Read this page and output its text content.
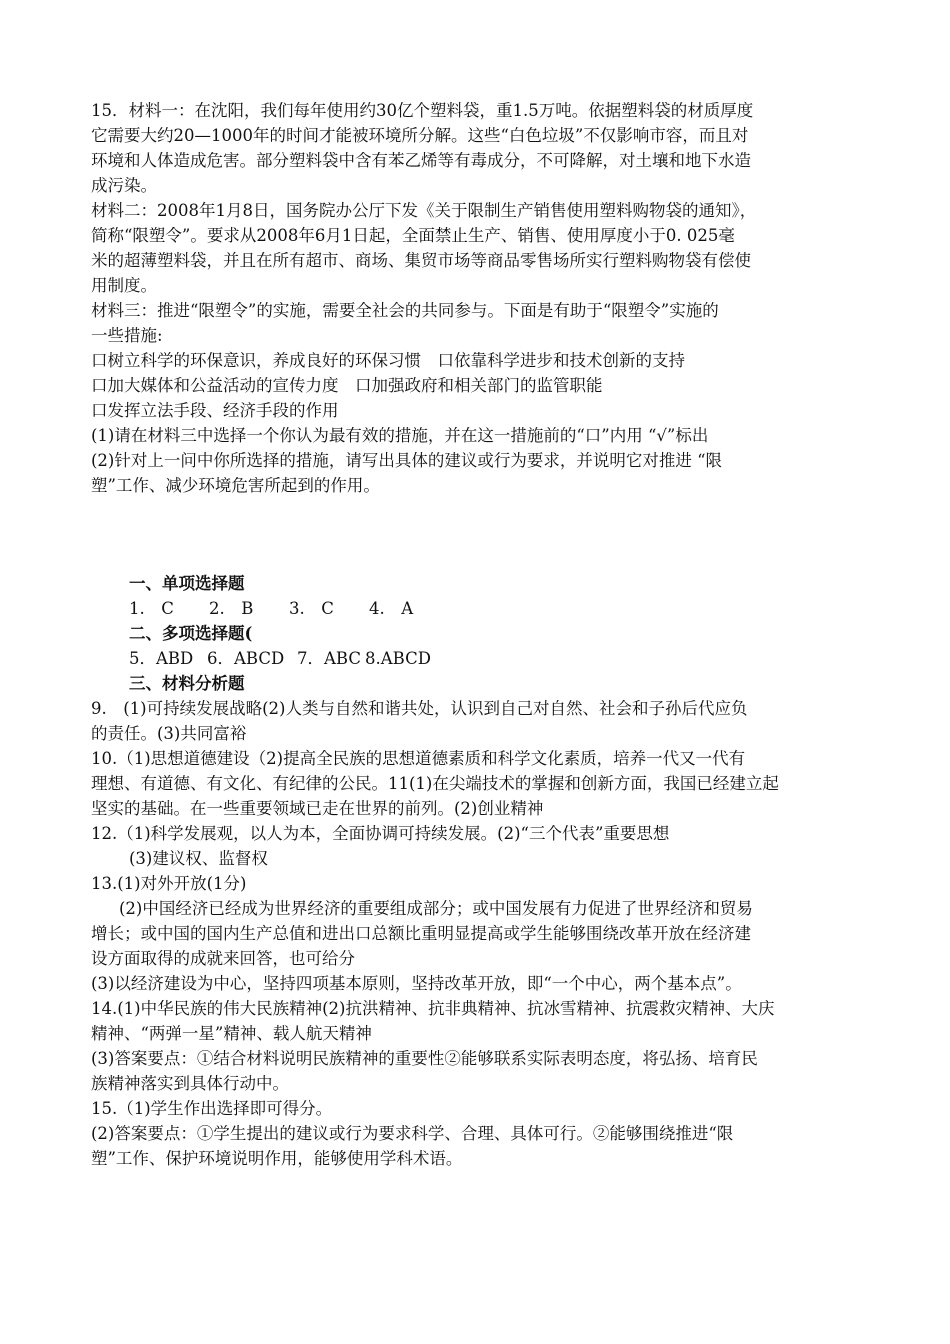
15．材料一：在沈阳，我们每年使用约30亿个塑料袋，重1.5万吨。依据塑料袋的材质厚度
它需要大约20—1000年的时间才能被环境所分解。这些“白色垃圾”不仅影响市容，而且对
环境和人体造成危害。部分塑料袋中含有苯乙烯等有毒成分，不可降解，对土壤和地下水造
成污染。
材料二：2008年1月8日，国务院办公厅下发《关于限制生产销售使用塑料购物袋的通知》，
简称“限塑令”。要求从2008年6月1日起，全面禁止生产、销售、使用厚度小于0. 025毫
米的超薄塑料袋，并且在所有超市、商场、集贸市场等商品零售场所实行塑料购物袋有偿使
用制度。
材料三：推进“限塑令”的实施，需要全社会的共同参与。下面是有助于“限塑令”实施的
一些措施:
口树立科学的环保意识，养成良好的环保习惯　口依靠科学进步和技术创新的支持
口加大媒体和公益活动的宣传力度　口加强政府和相关部门的监管职能
口发挥立法手段、经济手段的作用
(1)请在材料三中选择一个你认为最有效的措施，并在这一措施前的“口”内用 “√”标出
(2)针对上一问中你所选择的措施，请写出具体的建议或行为要求，并说明它对推进 “限
塑”工作、减少环境危害所起到的作用。
一、单项选择题
1.　C 2.　B 3.　C 4.　A
二、多项选择题(
5．ABD 6．ABCD 7．ABC 8.ABCD
三、材料分析题
9.　(1)可持续发展战略(2)人类与自然和谐共处，认识到自己对自然、社会和子孙后代应负
的责任。(3)共同富裕
10.（1)思想道德建设（2)提高全民族的思想道德素质和科学文化素质，培养一代又一代有
理想、有道德、有文化、有纪律的公民。11(1)在尖端技术的掌握和创新方面，我国已经建立起
坚实的基础。在一些重要领域已走在世界的前列。(2)创业精神
12.（1)科学发展观，以人为本，全面协调可持续发展。(2)“三个代表”重要思想
(3)建议权、监督权
13.(1)对外开放(1分)
(2)中国经济已经成为世界经济的重要组成部分；或中国发展有力促进了世界经济和贸易
增长；或中国的国内生产总值和进出口总额比重明显提高或学生能够围绕改革开放在经济建
设方面取得的成就来回答，也可给分
(3)以经济建设为中心，坚持四项基本原则，坚持改革开放，即“一个中心，两个基本点”。
14.(1)中华民族的伟大民族精神(2)抗洪精神、抗非典精神、抗冰雪精神、抗震救灾精神、大庆
精神、“两弹一星”精神、载人航天精神
(3)答案要点：①结合材料说明民族精神的重要性②能够联系实际表明态度，将弘扬、培育民
族精神落实到具体行动中。
15.（1)学生作出选择即可得分。
(2)答案要点：①学生提出的建议或行为要求科学、合理、具体可行。②能够围绕推进“限
塑”工作、保护环境说明作用，能够使用学科术语。
